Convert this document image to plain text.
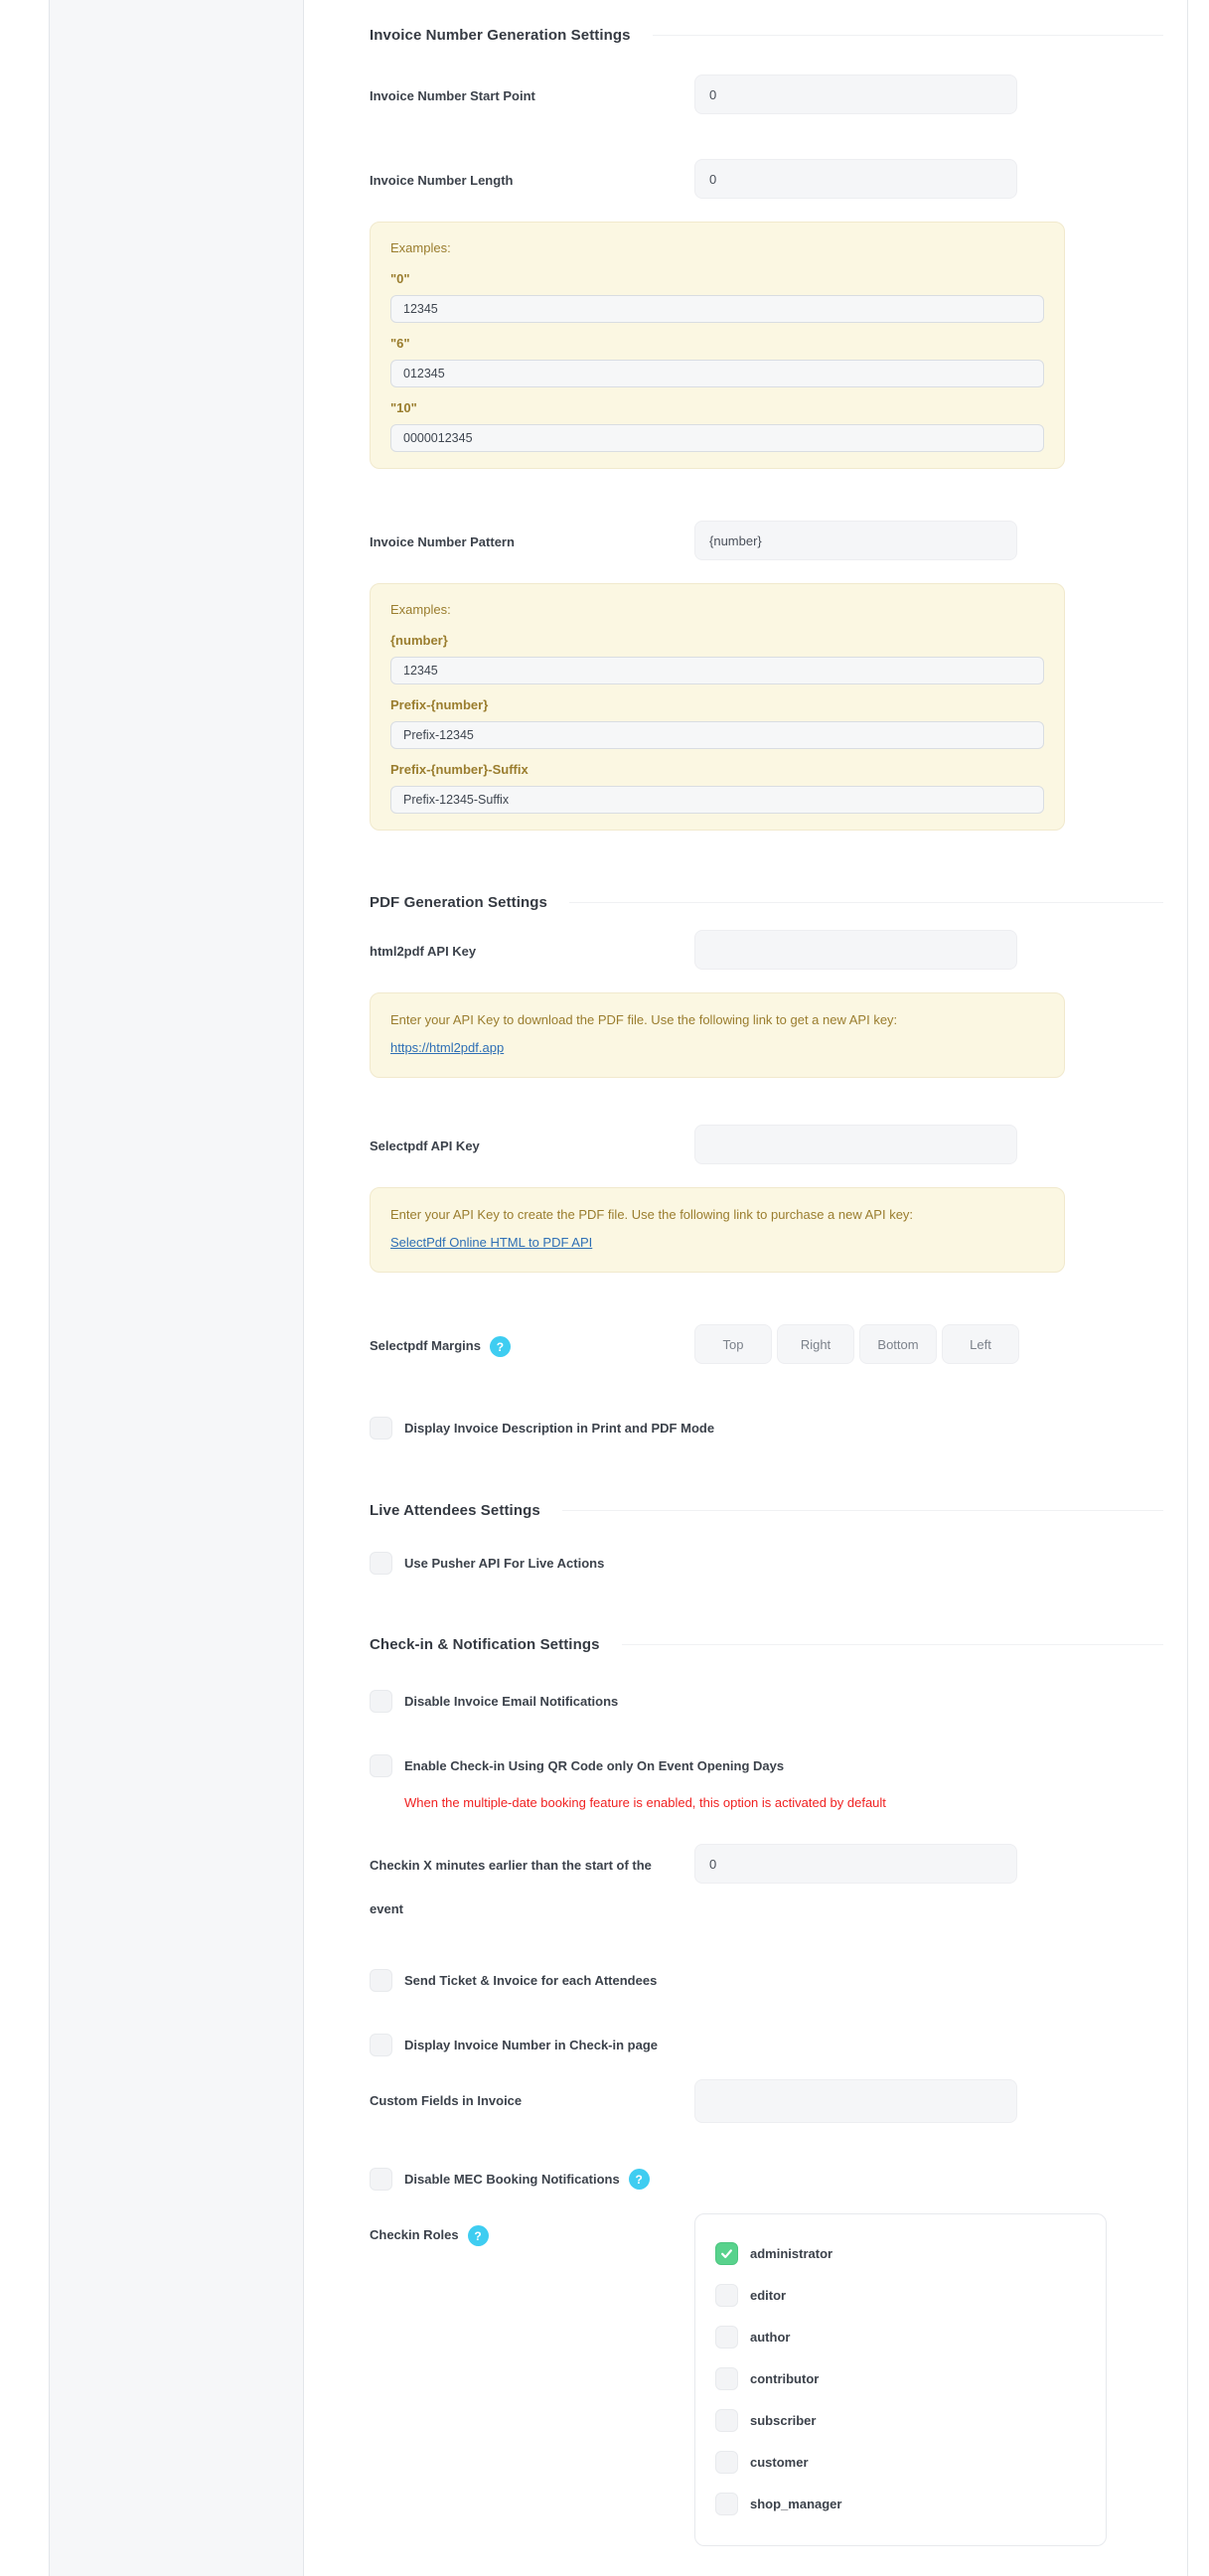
Invoice Number Generation Settings
Invoice Number Start Point
0
Invoice Number Length
0
Examples:
"0"
12345
"6"
012345
"10"
0000012345
Invoice Number Pattern
{number}
Examples:
{number}
12345
Prefix-{number}
Prefix-12345
Prefix-{number}-Suffix
Prefix-12345-Suffix
PDF Generation Settings
html2pdf API Key
Enter your API Key to download the PDF file. Use the following link to get a new API key:
https://html2pdf.app
Selectpdf API Key
Enter your API Key to create the PDF file. Use the following link to purchase a new API key:
SelectPdf Online HTML to PDF API
Selectpdf Margins ?
Top
Right
Bottom
Left
Display Invoice Description in Print and PDF Mode
Live Attendees Settings
Use Pusher API For Live Actions
Check-in & Notification Settings
Disable Invoice Email Notifications
Enable Check-in Using QR Code only On Event Opening Days
When the multiple-date booking feature is enabled, this option is activated by default
Checkin X minutes earlier than the start of the event
0
Send Ticket & Invoice for each Attendees
Display Invoice Number in Check-in page
Custom Fields in Invoice
Disable MEC Booking Notifications	?
Checkin Roles ?
administrator
editor
author
contributor
subscriber
customer
shop_manager
